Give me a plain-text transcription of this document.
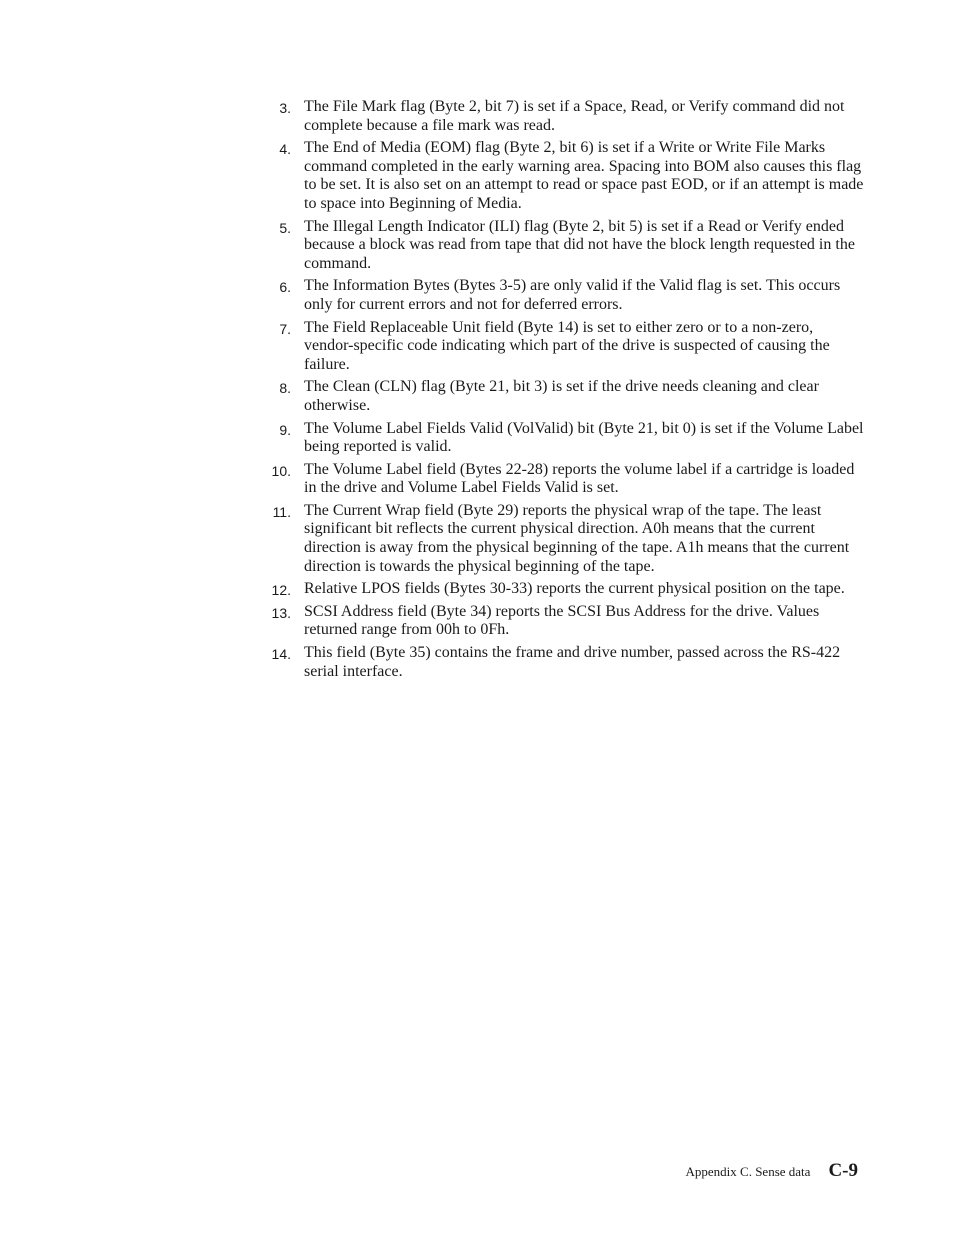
3. The File Mark flag (Byte 2, bit 7) is set if a Space, Read, or Verify command did not complete because a file mark was read.
4. The End of Media (EOM) flag (Byte 2, bit 6) is set if a Write or Write File Marks command completed in the early warning area. Spacing into BOM also causes this flag to be set. It is also set on an attempt to read or space past EOD, or if an attempt is made to space into Beginning of Media.
5. The Illegal Length Indicator (ILI) flag (Byte 2, bit 5) is set if a Read or Verify ended because a block was read from tape that did not have the block length requested in the command.
6. The Information Bytes (Bytes 3-5) are only valid if the Valid flag is set. This occurs only for current errors and not for deferred errors.
7. The Field Replaceable Unit field (Byte 14) is set to either zero or to a non-zero, vendor-specific code indicating which part of the drive is suspected of causing the failure.
8. The Clean (CLN) flag (Byte 21, bit 3) is set if the drive needs cleaning and clear otherwise.
9. The Volume Label Fields Valid (VolValid) bit (Byte 21, bit 0) is set if the Volume Label being reported is valid.
10. The Volume Label field (Bytes 22-28) reports the volume label if a cartridge is loaded in the drive and Volume Label Fields Valid is set.
11. The Current Wrap field (Byte 29) reports the physical wrap of the tape. The least significant bit reflects the current physical direction. A0h means that the current direction is away from the physical beginning of the tape. A1h means that the current direction is towards the physical beginning of the tape.
12. Relative LPOS fields (Bytes 30-33) reports the current physical position on the tape.
13. SCSI Address field (Byte 34) reports the SCSI Bus Address for the drive. Values returned range from 00h to 0Fh.
14. This field (Byte 35) contains the frame and drive number, passed across the RS-422 serial interface.
Appendix C. Sense data C-9
